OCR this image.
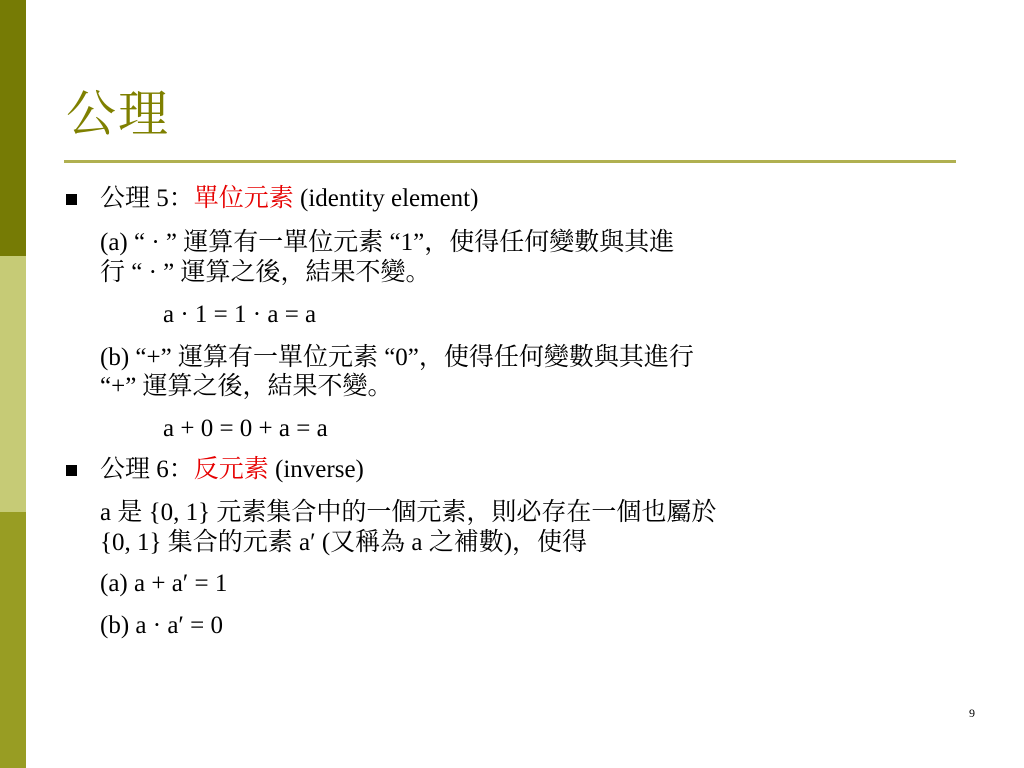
公理
公理 5：單位元素 (identity element)
(a) “ · ” 運算有一單位元素 “1”，使得任何變數與其進
行 “ · ” 運算之後，結果不變。
a · 1 = 1 · a = a
(b) “+” 運算有一單位元素 “0”，使得任何變數與其進行
“+” 運算之後，結果不變。
a + 0 = 0 + a = a
公理 6：反元素 (inverse)
a 是 {0, 1} 元素集合中的一個元素，則必存在一個也屬於
{0, 1} 集合的元素 a′ (又稱為 a 之補數)，使得
(a) a + a′ = 1
(b) a · a′ = 0
9
